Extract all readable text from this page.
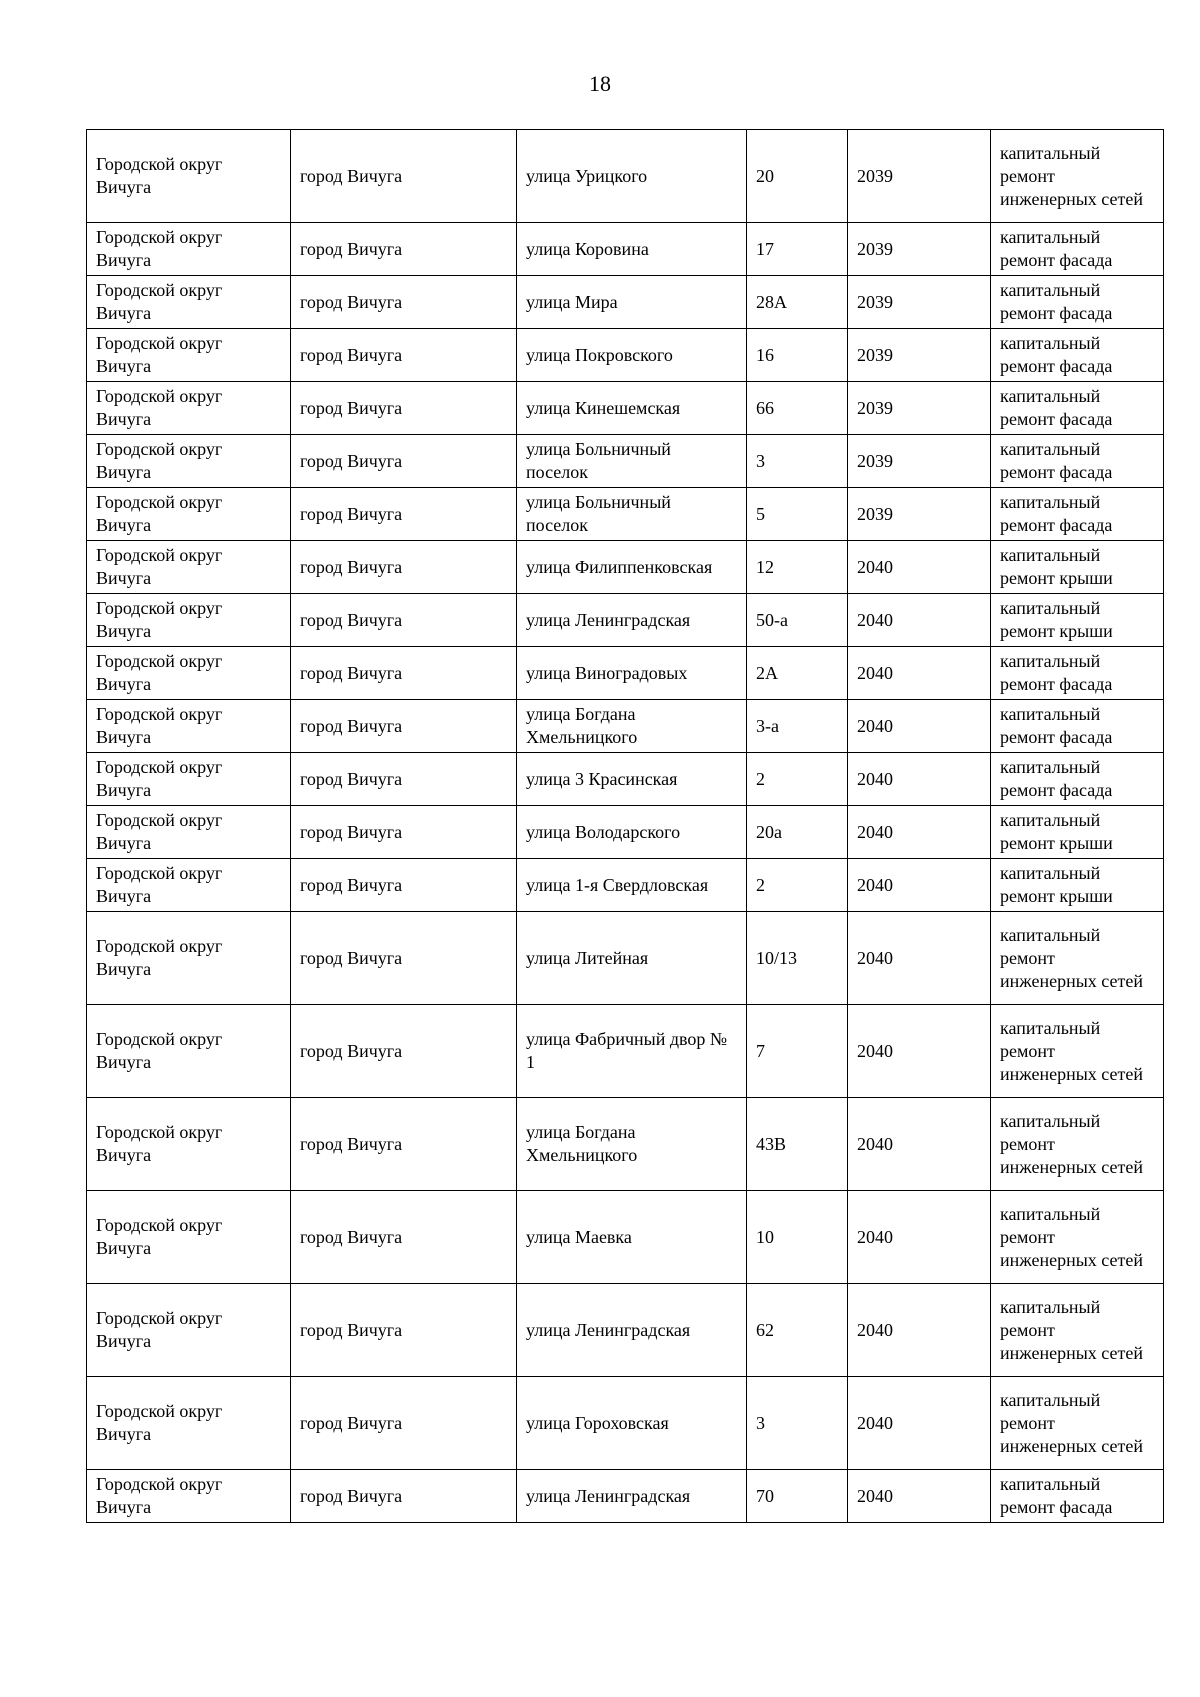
18
Городской округ Вичуга	город Вичуга	улица Урицкого	20	2039	капитальный ремонт инженерных сетей
Городской округ Вичуга	город Вичуга	улица Коровина	17	2039	капитальный ремонт фасада
Городской округ Вичуга	город Вичуга	улица Мира	28А	2039	капитальный ремонт фасада
Городской округ Вичуга	город Вичуга	улица Покровского	16	2039	капитальный ремонт фасада
Городской округ Вичуга	город Вичуга	улица Кинешемская	66	2039	капитальный ремонт фасада
Городской округ Вичуга	город Вичуга	улица Больничный поселок	3	2039	капитальный ремонт фасада
Городской округ Вичуга	город Вичуга	улица Больничный поселок	5	2039	капитальный ремонт фасада
Городской округ Вичуга	город Вичуга	улица Филиппенковская	12	2040	капитальный ремонт крыши
Городской округ Вичуга	город Вичуга	улица Ленинградская	50-а	2040	капитальный ремонт крыши
Городской округ Вичуга	город Вичуга	улица Виноградовых	2А	2040	капитальный ремонт фасада
Городской округ Вичуга	город Вичуга	улица Богдана Хмельницкого	3-а	2040	капитальный ремонт фасада
Городской округ Вичуга	город Вичуга	улица 3 Красинская	2	2040	капитальный ремонт фасада
Городской округ Вичуга	город Вичуга	улица Володарского	20а	2040	капитальный ремонт крыши
Городской округ Вичуга	город Вичуга	улица 1-я Свердловская	2	2040	капитальный ремонт крыши
Городской округ Вичуга	город Вичуга	улица Литейная	10/13	2040	капитальный ремонт инженерных сетей
Городской округ Вичуга	город Вичуга	улица Фабричный двор № 1	7	2040	капитальный ремонт инженерных сетей
Городской округ Вичуга	город Вичуга	улица Богдана Хмельницкого	43В	2040	капитальный ремонт инженерных сетей
Городской округ Вичуга	город Вичуга	улица Маевка	10	2040	капитальный ремонт инженерных сетей
Городской округ Вичуга	город Вичуга	улица Ленинградская	62	2040	капитальный ремонт инженерных сетей
Городской округ Вичуга	город Вичуга	улица Гороховская	3	2040	капитальный ремонт инженерных сетей
Городской округ Вичуга	город Вичуга	улица Ленинградская	70	2040	капитальный ремонт фасада
